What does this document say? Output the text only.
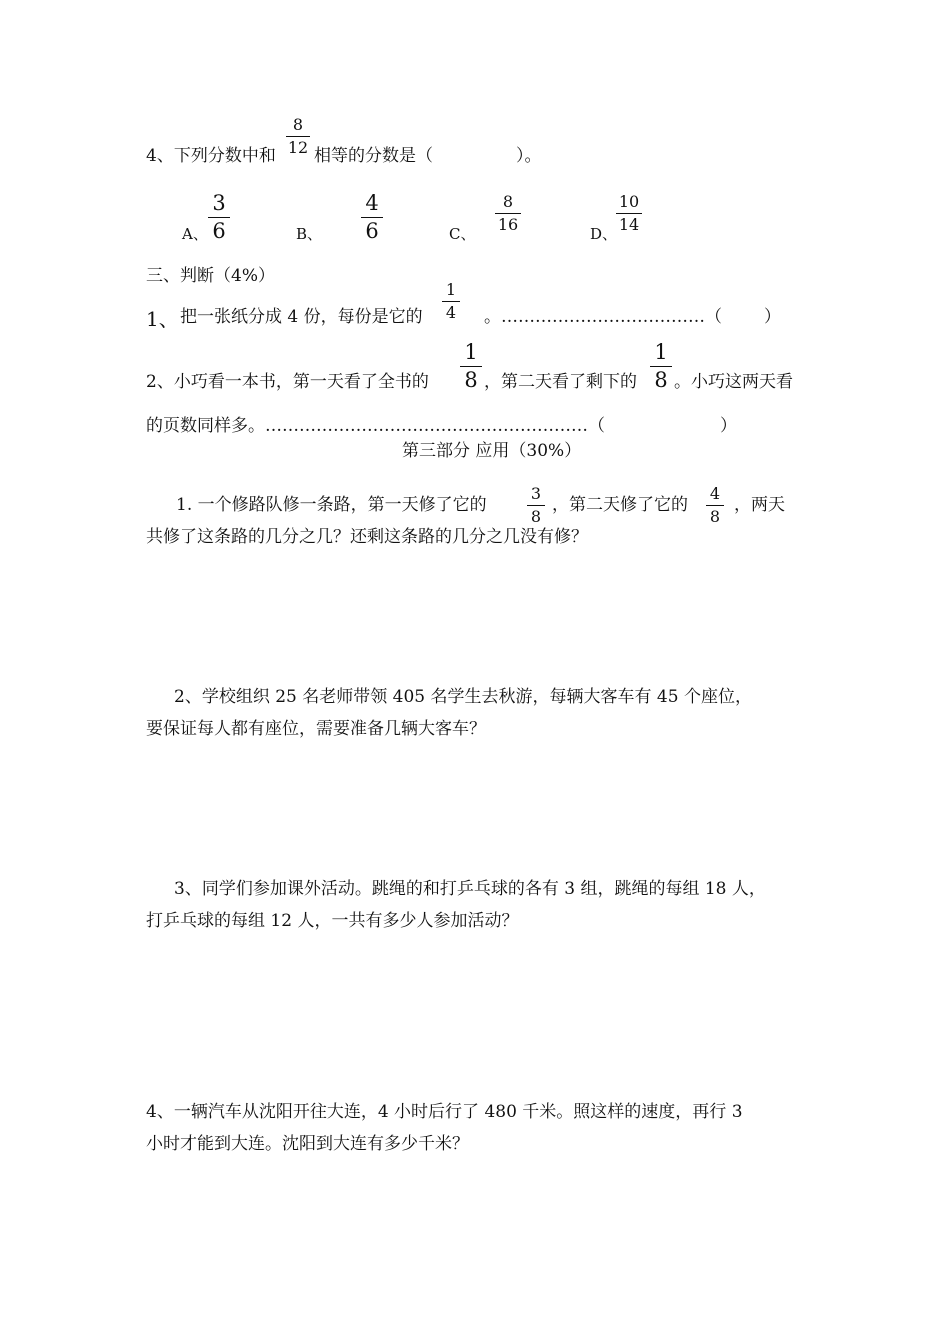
4、下列分数中和 $\frac{8}{12}$ 相等的分数是（	）。
A、 $\frac{3}{6}$	B、 $\frac{4}{6}$	C、
$\frac{8}{16}$
D、
$\frac{10}{14}$
三、判断（4%）
1、 把一张纸分成 4 份，每份是它的 $\frac{1}{4}$ 。………………………………（ ）
2、小巧看一本书，第一天看了全书的 $\frac{1}{8}$ ，第二天看了剩下的 $\frac{1}{8}$ 。小巧这两天看
的页数同样多。…………………………………………………（	）
第三部分 应用（30%）
1. 一个修路队修一条路，第一天修了它的	$\frac{3}{8}$ ，第二天修了它的 $\frac{4}{8}$ ，两天
共修了这条路的几分之几？还剩这条路的几分之几没有修？
2、学校组织 25 名老师带领 405 名学生去秋游，每辆大客车有 45 个座位，
要保证每人都有座位，需要准备几辆大客车？
3、同学们参加课外活动。跳绳的和打乒乓球的各有 3 组，跳绳的每组 18 人，
打乒乓球的每组 12 人，一共有多少人参加活动？
4、一辆汽车从沈阳开往大连，4 小时后行了 480 千米。照这样的速度，再行 3
小时才能到大连。沈阳到大连有多少千米？
